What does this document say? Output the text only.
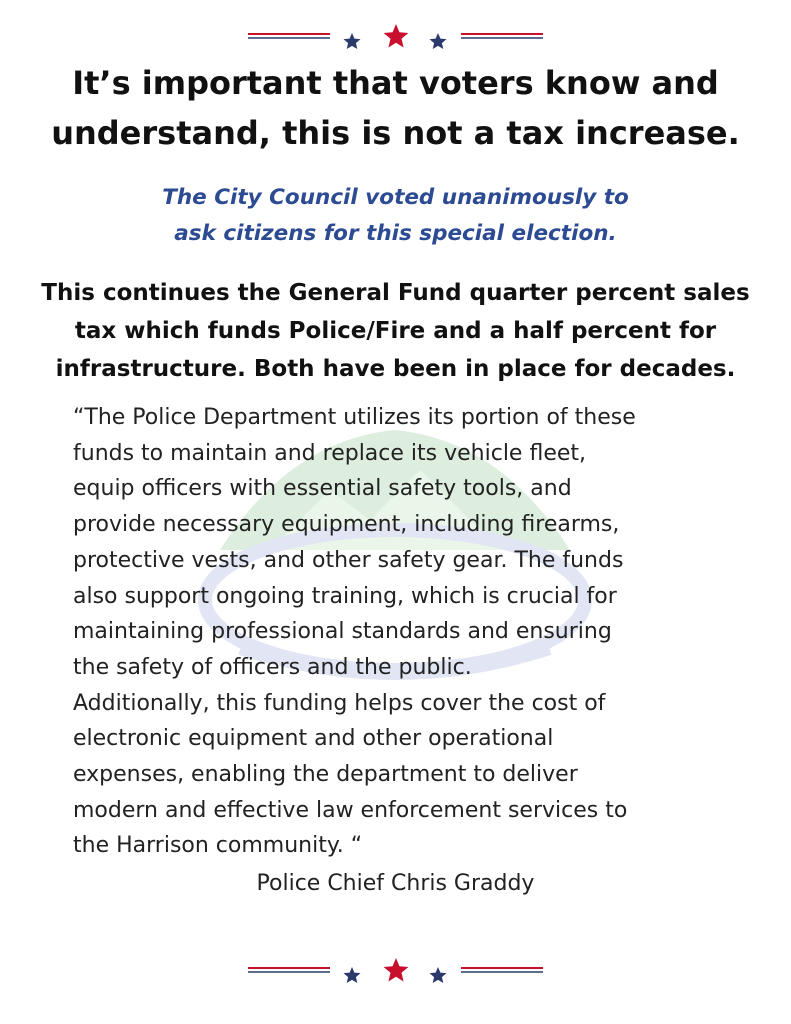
It’s important that voters know and
understand, this is not a tax increase.

The City Council voted unanimously to
ask citizens for this special election.

This continues the General Fund quarter percent sales
tax which funds Police/Fire and a half percent for
infrastructure. Both have been in place for decades.

“The Police Department utilizes its portion of these
funds to maintain and replace its vehicle fleet,
equip officers with essential safety tools, and
provide necessary equipment, including firearms,
protective vests, and other safety gear. The funds
also support ongoing training, which is crucial for
maintaining professional standards and ensuring
the safety of officers and the public.
Additionally, this funding helps cover the cost of
electronic equipment and other operational
expenses, enabling the department to deliver
modern and effective law enforcement services to
the Harrison community. “

Police Chief Chris Graddy
